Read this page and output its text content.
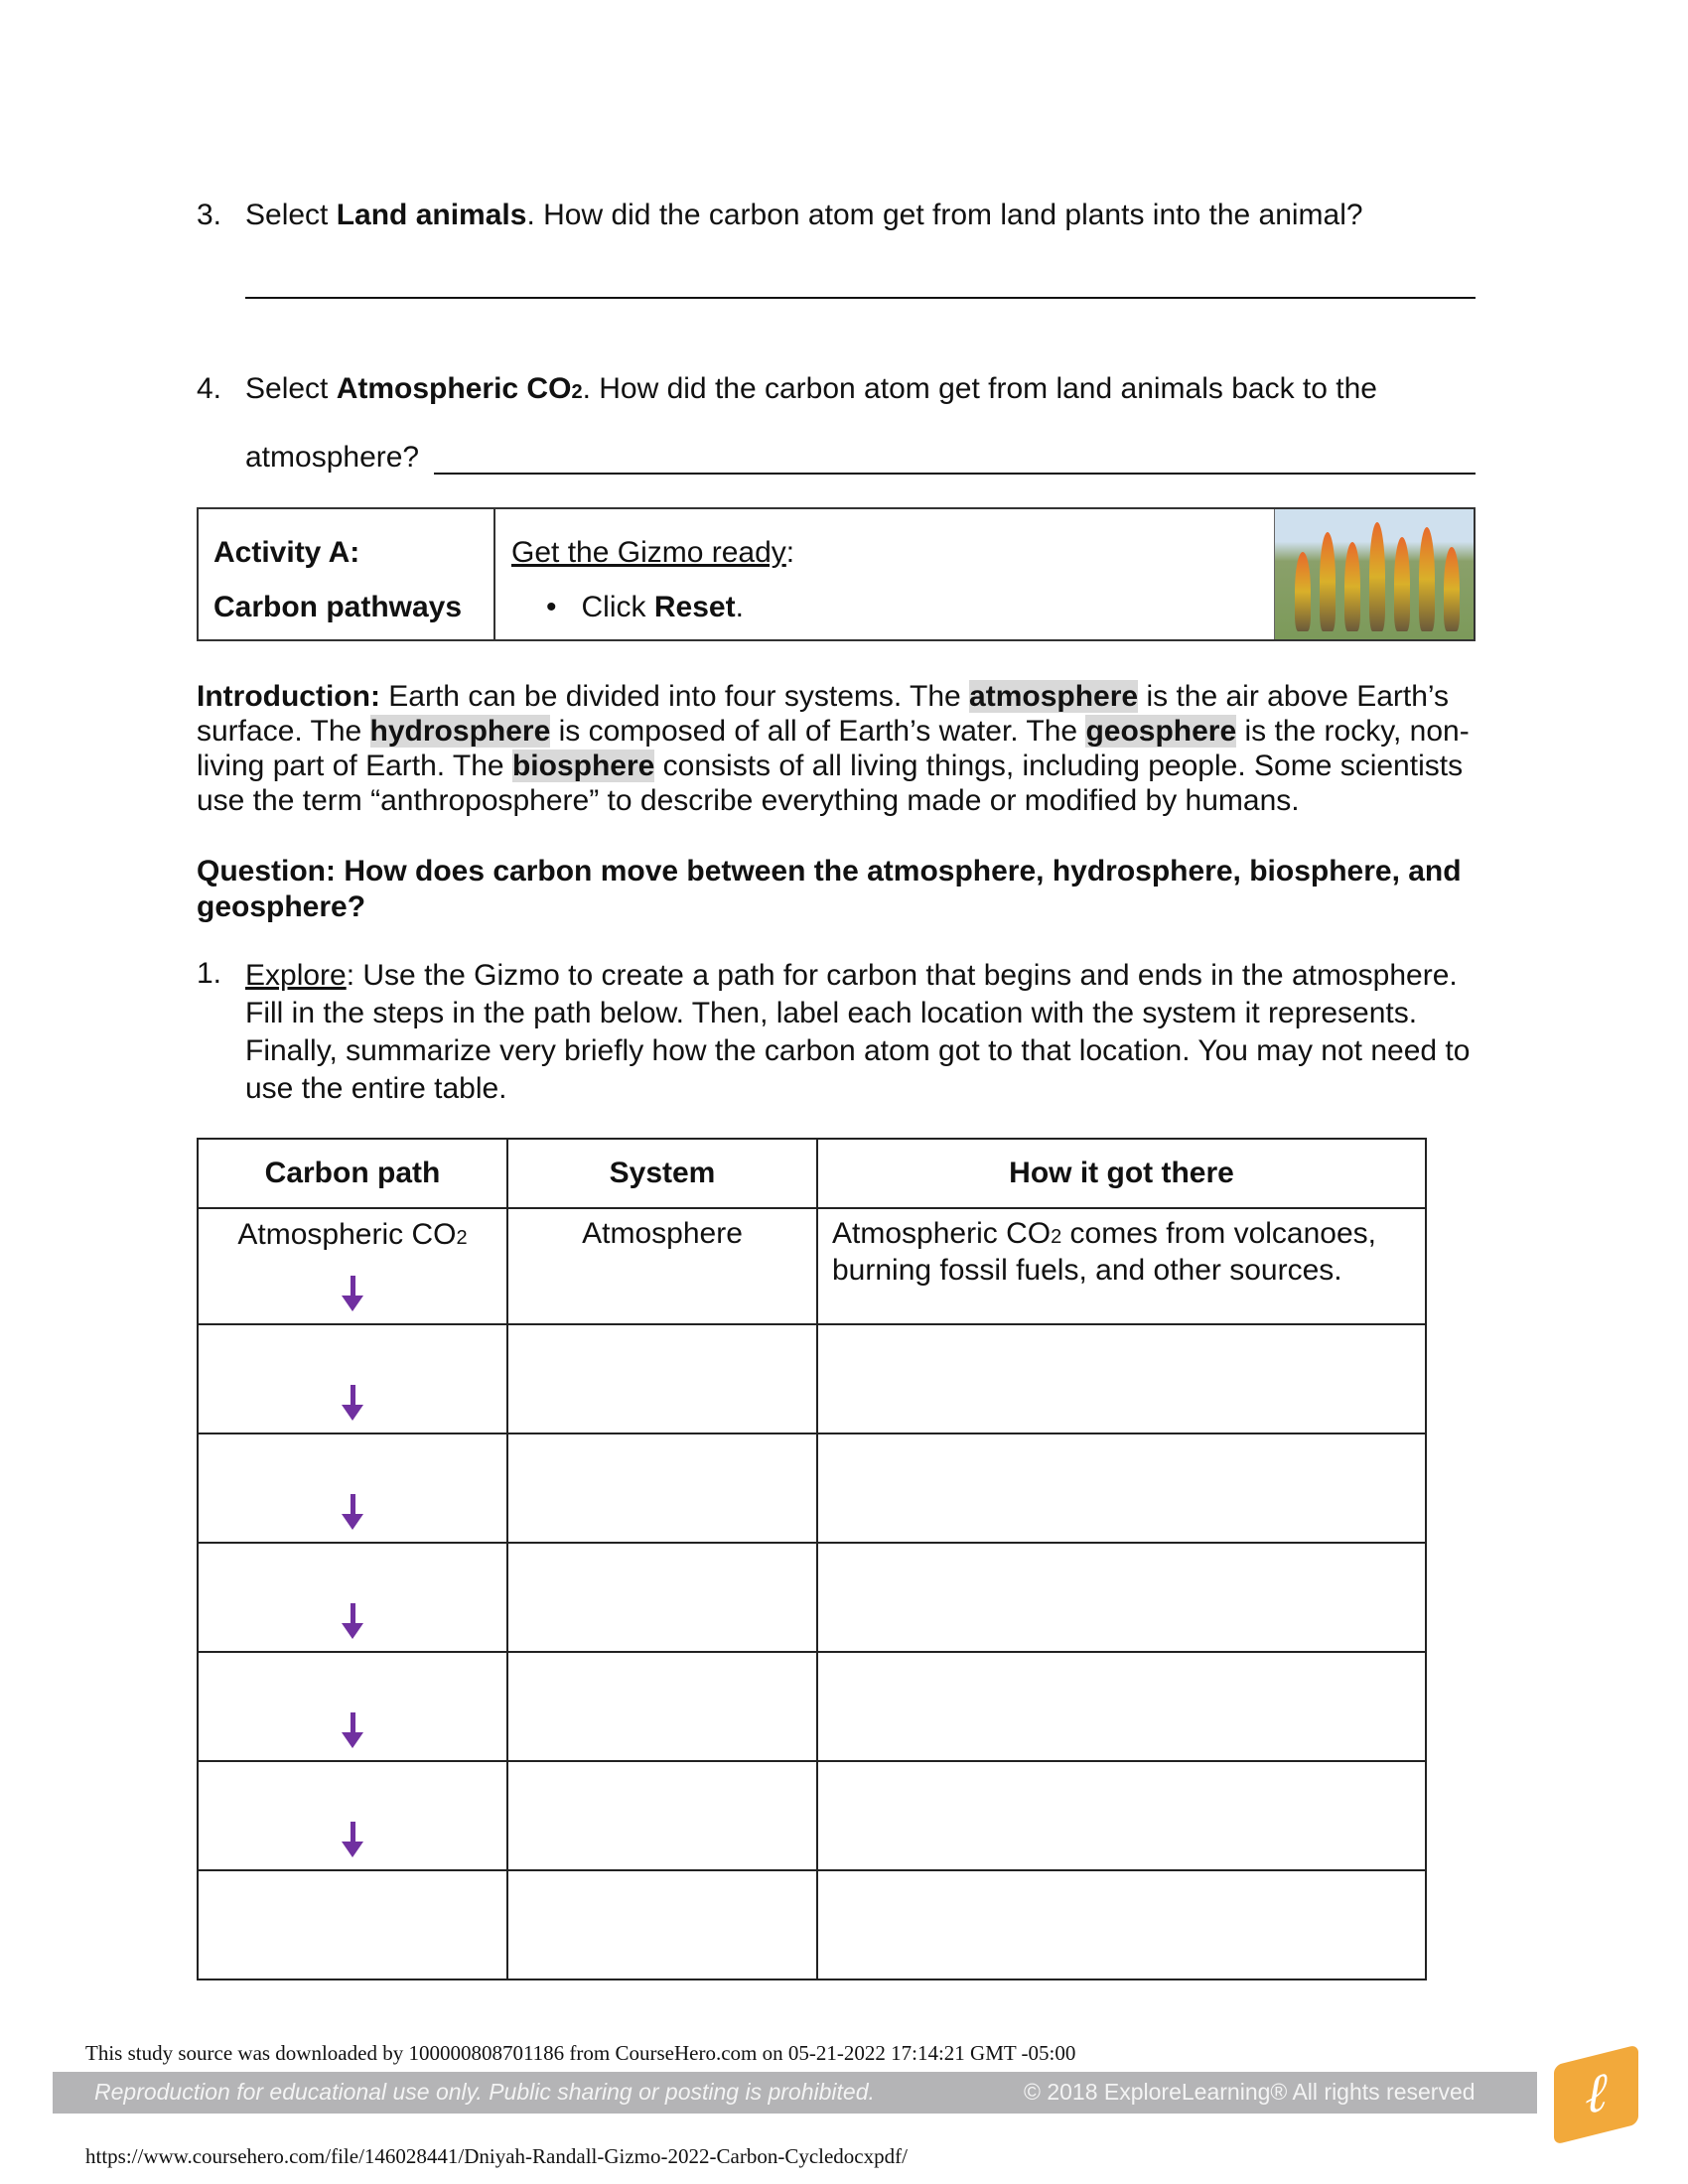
3. Select Land animals. How did the carbon atom get from land plants into the animal?
4. Select Atmospheric CO2. How did the carbon atom get from land animals back to the
atmosphere?
Activity A:
Carbon pathways
Get the Gizmo ready:
•   Click Reset.

Introduction: Earth can be divided into four systems. The atmosphere is the air above Earth’s surface. The hydrosphere is composed of all of Earth’s water. The geosphere is the rocky, non-living part of Earth. The biosphere consists of all living things, including people. Some scientists use the term “anthroposphere” to describe everything made or modified by humans.

Question: How does carbon move between the atmosphere, hydrosphere, biosphere, and geosphere?

1. Explore: Use the Gizmo to create a path for carbon that begins and ends in the atmosphere. Fill in the steps in the path below. Then, label each location with the system it represents. Finally, summarize very briefly how the carbon atom got to that location. You may not need to use the entire table.

Carbon path	System	How it got there

Atmospheric CO2	Atmosphere	Atmospheric CO2 comes from volcanoes, burning fossil fuels, and other sources.

This study source was downloaded by 100000808701186 from CourseHero.com on 05-21-2022 17:14:21 GMT -05:00
Reproduction for educational use only. Public sharing or posting is prohibited.	© 2018 ExploreLearning® All rights reserved
https://www.coursehero.com/file/146028441/Dniyah-Randall-Gizmo-2022-Carbon-Cycledocxpdf/
ℓ
